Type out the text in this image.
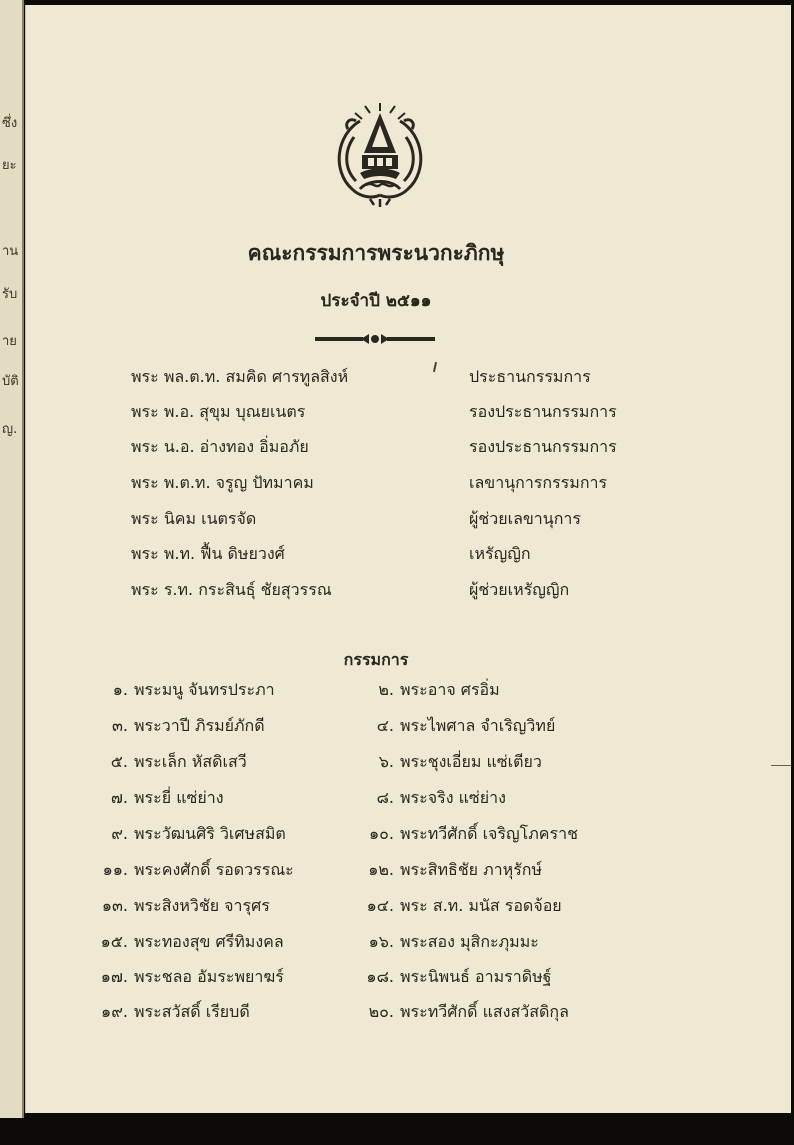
ซึ่ง
ยะ
าน
รับ
าย
บัติ
ญ.
คณะกรรมการพระนวกะภิกษุ
ประจำปี ๒๕๑๑
พระ พล.ต.ท. สมคิด ศารทูลสิงห์	ประธานกรรมการ
พระ พ.อ. สุขุม บุณยเนตร	รองประธานกรรมการ
พระ น.อ. อ่างทอง อิ่มอภัย	รองประธานกรรมการ
พระ พ.ต.ท. จรูญ ปัทมาคม	เลขานุการกรรมการ
พระ นิคม เนตรจัด	ผู้ช่วยเลขานุการ
พระ พ.ท. ฟื้น ดิษยวงศ์	เหรัญญิก
พระ ร.ท. กระสินธุ์ ชัยสุวรรณ	ผู้ช่วยเหรัญญิก
กรรมการ
๑. พระมนู จันทรประภา	๒. พระอาจ ศรอิ่ม
๓. พระวาปี ภิรมย์ภักดี	๔. พระไพศาล จำเริญวิทย์
๕. พระเล็ก หัสดิเสวี	๖. พระชุงเอี่ยม แซ่เตียว
๗. พระยี่ แซ่ย่าง	๘. พระจริง แซ่ย่าง
๙. พระวัฒนศิริ วิเศษสมิต	๑๐. พระทวีศักดิ์ เจริญโภคราช
๑๑. พระคงศักดิ์ รอดวรรณะ	๑๒. พระสิทธิชัย ภาหุรักษ์
๑๓. พระสิงหวิชัย จารุศร	๑๔. พระ ส.ท. มนัส รอดจ้อย
๑๕. พระทองสุข ศรีทิมงคล	๑๖. พระสอง มุสิกะภุมมะ
๑๗. พระชลอ อัมระพยาฆร์	๑๘. พระนิพนธ์ อามราดิษฐ์
๑๙. พระสวัสดิ์ เรียบดี	๒๐. พระทวีศักดิ์ แสงสวัสดิกุล
